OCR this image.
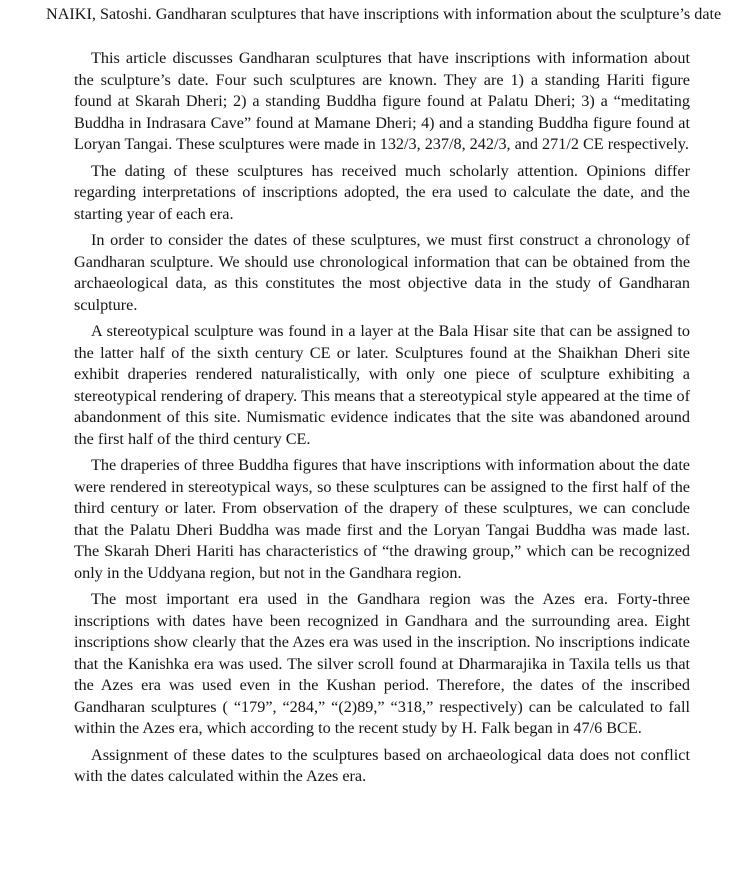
NAIKI, Satoshi. Gandharan sculptures that have inscriptions with information about the sculpture’s date

This article discusses Gandharan sculptures that have inscriptions with information about the sculpture’s date. Four such sculptures are known. They are 1) a standing Hariti figure found at Skarah Dheri; 2) a standing Buddha figure found at Palatu Dheri; 3) a “meditating Buddha in Indrasara Cave” found at Mamane Dheri; 4) and a standing Buddha figure found at Loryan Tangai. These sculptures were made in 132/3, 237/8, 242/3, and 271/2 CE respectively.

The dating of these sculptures has received much scholarly attention. Opinions differ regarding interpretations of inscriptions adopted, the era used to calculate the date, and the starting year of each era.

In order to consider the dates of these sculptures, we must first construct a chronology of Gandharan sculpture. We should use chronological information that can be obtained from the archaeological data, as this constitutes the most objective data in the study of Gandharan sculpture.

A stereotypical sculpture was found in a layer at the Bala Hisar site that can be assigned to the latter half of the sixth century CE or later. Sculptures found at the Shaikhan Dheri site exhibit draperies rendered naturalistically, with only one piece of sculpture exhibiting a stereotypical rendering of drapery. This means that a stereotypical style appeared at the time of abandonment of this site. Numismatic evidence indicates that the site was abandoned around the first half of the third century CE.

The draperies of three Buddha figures that have inscriptions with information about the date were rendered in stereotypical ways, so these sculptures can be assigned to the first half of the third century or later. From observation of the drapery of these sculptures, we can conclude that the Palatu Dheri Buddha was made first and the Loryan Tangai Buddha was made last. The Skarah Dheri Hariti has characteristics of “the drawing group,” which can be recognized only in the Uddyana region, but not in the Gandhara region.

The most important era used in the Gandhara region was the Azes era. Forty-three inscriptions with dates have been recognized in Gandhara and the surrounding area. Eight inscriptions show clearly that the Azes era was used in the inscription. No inscriptions indicate that the Kanishka era was used. The silver scroll found at Dharmarajika in Taxila tells us that the Azes era was used even in the Kushan period. Therefore, the dates of the inscribed Gandharan sculptures ( “179”, “284,” “(2)89,” “318,” respectively) can be calculated to fall within the Azes era, which according to the recent study by H. Falk began in 47/6 BCE.

Assignment of these dates to the sculptures based on archaeological data does not conflict with the dates calculated within the Azes era.
